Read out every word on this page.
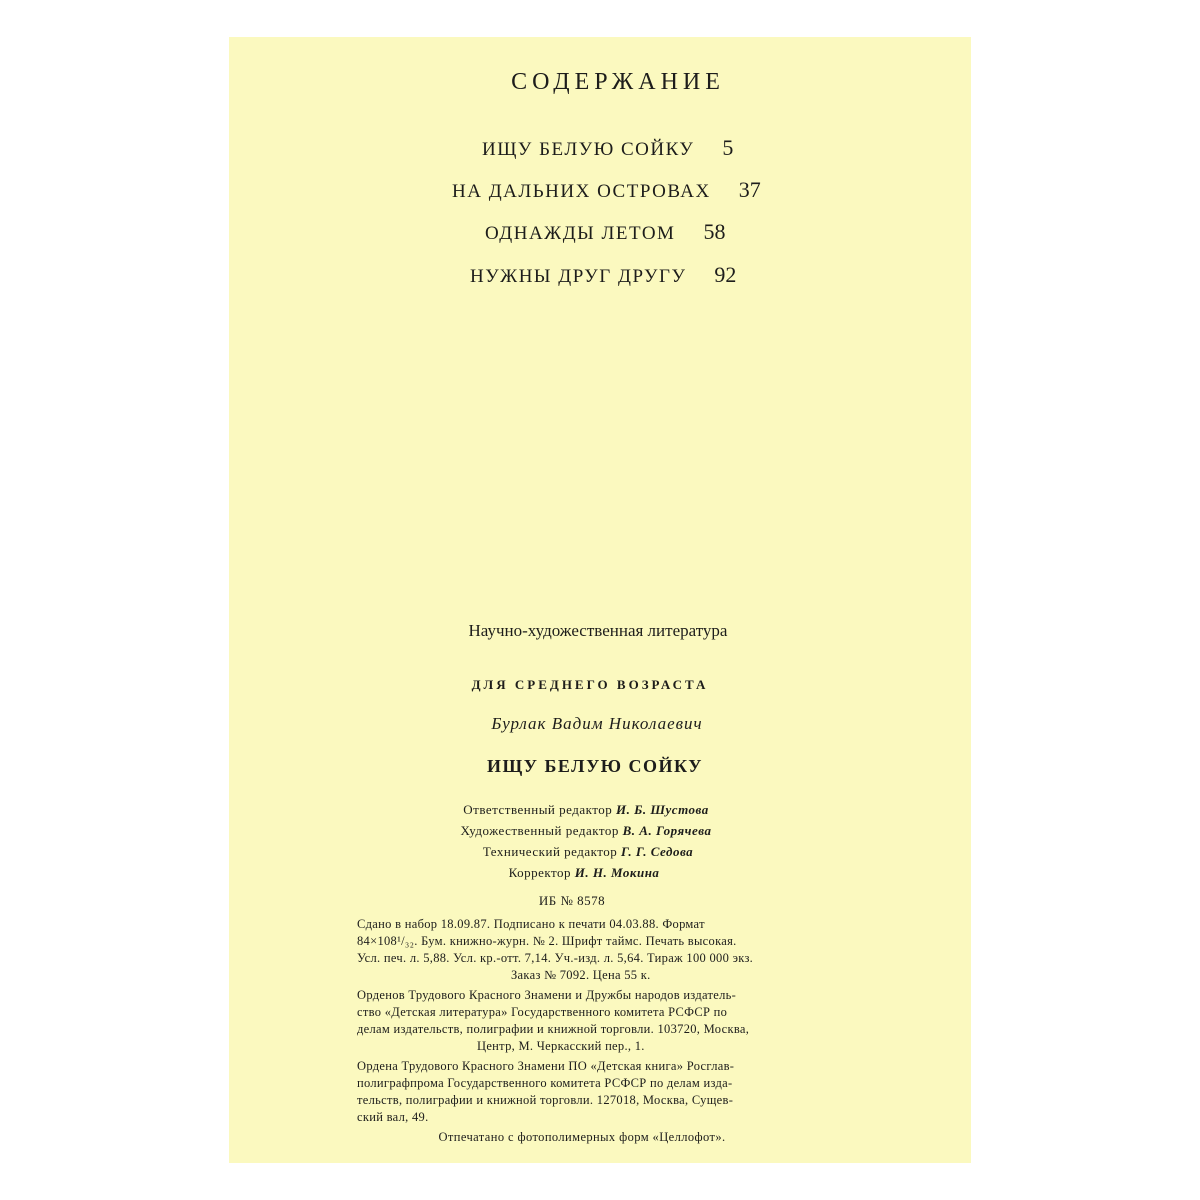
СОДЕРЖАНИЕ
ИЩУ БЕЛУЮ СОЙКУ 5
НА ДАЛЬНИХ ОСТРОВАХ 37
ОДНАЖДЫ ЛЕТОМ 58
НУЖНЫ ДРУГ ДРУГУ 92
Научно-художественная литература
ДЛЯ СРЕДНЕГО ВОЗРАСТА
Бурлак Вадим Николаевич
ИЩУ БЕЛУЮ СОЙКУ
Ответственный редактор И. Б. Шустова
Художественный редактор В. А. Горячева
Технический редактор Г. Г. Седова
Корректор И. Н. Мокина
ИБ № 8578
Сдано в набор 18.09.87. Подписано к печати 04.03.88. Формат
84×108¹/₃₂. Бум. книжно-журн. № 2. Шрифт таймс. Печать высокая.
Усл. печ. л. 5,88. Усл. кр.-отт. 7,14. Уч.-изд. л. 5,64. Тираж 100 000 экз.
Заказ № 7092. Цена 55 к.
Орденов Трудового Красного Знамени и Дружбы народов издатель-
ство «Детская литература» Государственного комитета РСФСР по
делам издательств, полиграфии и книжной торговли. 103720, Москва,
Центр, М. Черкасский пер., 1.
Ордена Трудового Красного Знамени ПО «Детская книга» Росглав-
полиграфпрома Государственного комитета РСФСР по делам изда-
тельств, полиграфии и книжной торговли. 127018, Москва, Сущев-
ский вал, 49.
Отпечатано с фотополимерных форм «Целлофот».
